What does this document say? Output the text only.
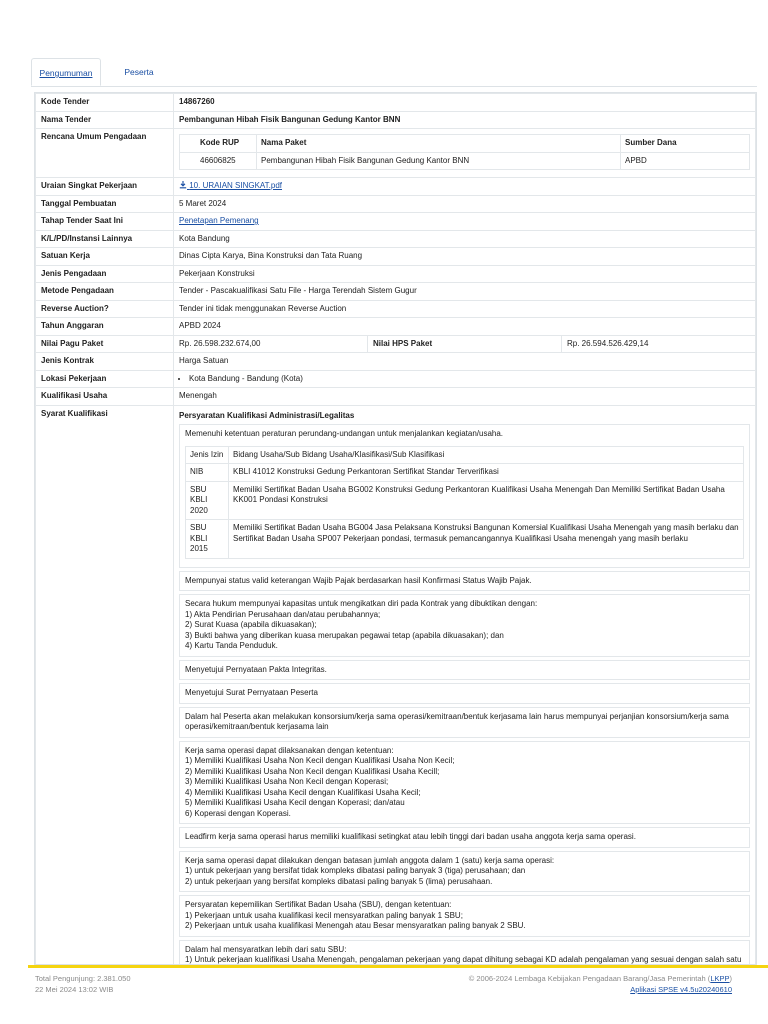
Pengumuman	Peserta
Kode Tender	14867260
Nama Tender	Pembangunan Hibah Fisik Bangunan Gedung Kantor BNN
Rencana Umum Pengadaan	
Kode RUP	Nama Paket	Sumber Dana
46606825	Pembangunan Hibah Fisik Bangunan Gedung Kantor BNN	APBD

Uraian Singkat Pekerjaan	10. URAIAN SINGKAT.pdf
Tanggal Pembuatan	5 Maret 2024
Tahap Tender Saat Ini	Penetapan Pemenang
K/L/PD/Instansi Lainnya	Kota Bandung
Satuan Kerja	Dinas Cipta Karya, Bina Konstruksi dan Tata Ruang
Jenis Pengadaan	Pekerjaan Konstruksi
Metode Pengadaan	Tender - Pascakualifikasi Satu File - Harga Terendah Sistem Gugur
Reverse Auction?	Tender ini tidak menggunakan Reverse Auction
Tahun Anggaran	APBD 2024
Nilai Pagu Paket	Rp. 26.598.232.674,00	Nilai HPS Paket	Rp. 26.594.526.429,14
Jenis Kontrak	Harga Satuan
Lokasi Pekerjaan	
•Kota Bandung - Bandung (Kota)

Kualifikasi Usaha	Menengah
Syarat Kualifikasi	Persyaratan Kualifikasi Administrasi/Legalitas
Memenuhi ketentuan peraturan perundang-undangan untuk menjalankan kegiatan/usaha.
Jenis Izin	Bidang Usaha/Sub Bidang Usaha/Klasifikasi/Sub Klasifikasi
NIB	KBLI 41012 Konstruksi Gedung Perkantoran Sertifikat Standar Terverifikasi
SBU KBLI 2020	Memiliki Sertifikat Badan Usaha BG002 Konstruksi Gedung Perkantoran Kualifikasi Usaha Menengah Dan Memiliki Sertifikat Badan Usaha KK001 Pondasi Konstruksi
SBU KBLI 2015	Memiliki Sertifikat Badan Usaha BG004 Jasa Pelaksana Konstruksi Bangunan Komersial Kualifikasi Usaha Menengah yang masih berlaku dan Sertifikat Badan Usaha SP007 Pekerjaan pondasi, termasuk pemancangannya Kualifikasi Usaha menengah yang masih berlaku
Mempunyai status valid keterangan Wajib Pajak berdasarkan hasil Konfirmasi Status Wajib Pajak.
Secara hukum mempunyai kapasitas untuk mengikatkan diri pada Kontrak yang dibuktikan dengan:
1) Akta Pendirian Perusahaan dan/atau perubahannya;
2) Surat Kuasa (apabila dikuasakan);
3) Bukti bahwa yang diberikan kuasa merupakan pegawai tetap (apabila dikuasakan); dan
4) Kartu Tanda Penduduk.
Menyetujui Pernyataan Pakta Integritas.
Menyetujui Surat Pernyataan Peserta
Dalam hal Peserta akan melakukan konsorsium/kerja sama operasi/kemitraan/bentuk kerjasama lain harus mempunyai perjanjian konsorsium/kerja sama operasi/kemitraan/bentuk kerjasama lain
Kerja sama operasi dapat dilaksanakan dengan ketentuan:
1) Memiliki Kualifikasi Usaha Non Kecil dengan Kualifikasi Usaha Non Kecil;
2) Memiliki Kualifikasi Usaha Non Kecil dengan Kualifikasi Usaha Kecill;
3) Memiliki Kualifikasi Usaha Non Kecil dengan Koperasi;
4) Memiliki Kualifikasi Usaha Kecil dengan Kualifikasi Usaha Kecil;
5) Memiliki Kualifikasi Usaha Kecil dengan Koperasi; dan/atau
6) Koperasi dengan Koperasi.
Leadfirm kerja sama operasi harus memiliki kualifikasi setingkat atau lebih tinggi dari badan usaha anggota kerja sama operasi.
Kerja sama operasi dapat dilakukan dengan batasan jumlah anggota dalam 1 (satu) kerja sama operasi:
1) untuk pekerjaan yang bersifat tidak kompleks dibatasi paling banyak 3 (tiga) perusahaan; dan
2) untuk pekerjaan yang bersifat kompleks dibatasi paling banyak 5 (lima) perusahaan.
Persyaratan kepemilikan Sertifikat Badan Usaha (SBU), dengan ketentuan:
1) Pekerjaan untuk usaha kualifikasi kecil mensyaratkan paling banyak 1 SBU;
2) Pekerjaan untuk usaha kualifikasi Menengah atau Besar mensyaratkan paling banyak 2 SBU.
Dalam hal mensyaratkan lebih dari satu SBU:
1) Untuk pekerjaan kualifikasi Usaha Menengah, pengalaman pekerjaan yang dapat dihitung sebagai KD adalah pengalaman yang sesuai dengan salah satu
Total Pengunjung: 2.381.050
22 Mei 2024 13:02 WIB
© 2006-2024 Lembaga Kebijakan Pengadaan Barang/Jasa Pemerintah (LKPP)
Aplikasi SPSE v4.5u20240610
